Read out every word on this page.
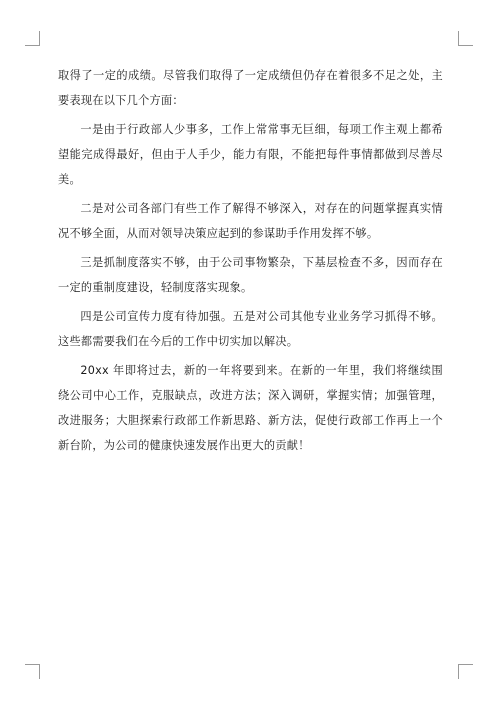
取得了一定的成绩。尽管我们取得了一定成绩但仍存在着很多不足之处，主要表现在以下几个方面：

一是由于行政部人少事多，工作上常常事无巨细，每项工作主观上都希望能完成得最好，但由于人手少，能力有限，不能把每件事情都做到尽善尽美。

二是对公司各部门有些工作了解得不够深入，对存在的问题掌握真实情况不够全面，从而对领导决策应起到的参谋助手作用发挥不够。

三是抓制度落实不够，由于公司事物繁杂，下基层检查不多，因而存在一定的重制度建设，轻制度落实现象。

四是公司宣传力度有待加强。五是对公司其他专业业务学习抓得不够。这些都需要我们在今后的工作中切实加以解决。

20xx 年即将过去，新的一年将要到来。在新的一年里，我们将继续围绕公司中心工作，克服缺点，改进方法；深入调研，掌握实情；加强管理，改进服务；大胆探索行政部工作新思路、新方法，促使行政部工作再上一个新台阶，为公司的健康快速发展作出更大的贡献！
